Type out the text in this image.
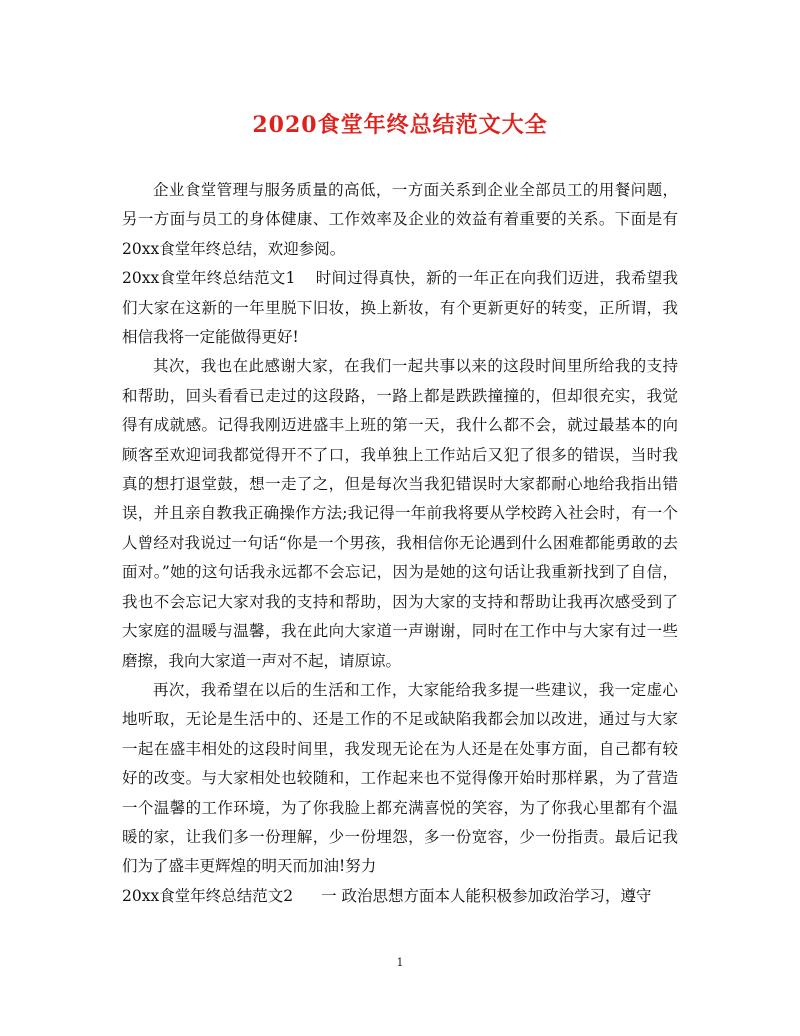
2020食堂年终总结范文大全

企业食堂管理与服务质量的高低，一方面关系到企业全部员工的用餐问题，另一方面与员工的身体健康、工作效率及企业的效益有着重要的关系。下面是有20xx食堂年终总结，欢迎参阅。

20xx食堂年终总结范文1 时间过得真快，新的一年正在向我们迈进，我希望我们大家在这新的一年里脱下旧妆，换上新妆，有个更新更好的转变，正所谓，我相信我将一定能做得更好!

其次，我也在此感谢大家，在我们一起共事以来的这段时间里所给我的支持和帮助，回头看看已走过的这段路，一路上都是跌跌撞撞的，但却很充实，我觉得有成就感。记得我刚迈进盛丰上班的第一天，我什么都不会，就过最基本的向顾客至欢迎词我都觉得开不了口，我单独上工作站后又犯了很多的错误，当时我真的想打退堂鼓，想一走了之，但是每次当我犯错误时大家都耐心地给我指出错误，并且亲自教我正确操作方法;我记得一年前我将要从学校跨入社会时，有一个人曾经对我说过一句话“你是一个男孩，我相信你无论遇到什么困难都能勇敢的去面对。”她的这句话我永远都不会忘记，因为是她的这句话让我重新找到了自信，我也不会忘记大家对我的支持和帮助，因为大家的支持和帮助让我再次感受到了大家庭的温暖与温馨，我在此向大家道一声谢谢，同时在工作中与大家有过一些磨擦，我向大家道一声对不起，请原谅。

再次，我希望在以后的生活和工作，大家能给我多提一些建议，我一定虚心地听取，无论是生活中的、还是工作的不足或缺陷我都会加以改进，通过与大家一起在盛丰相处的这段时间里，我发现无论在为人还是在处事方面，自己都有较好的改变。与大家相处也较随和，工作起来也不觉得像开始时那样累，为了营造一个温馨的工作环境，为了你我脸上都充满喜悦的笑容，为了你我心里都有个温暖的家，让我们多一份理解，少一份埋怨，多一份宽容，少一份指责。最后记我们为了盛丰更辉煌的明天而加油!努力

20xx食堂年终总结范文2 一 政治思想方面本人能积极参加政治学习，遵守

1
